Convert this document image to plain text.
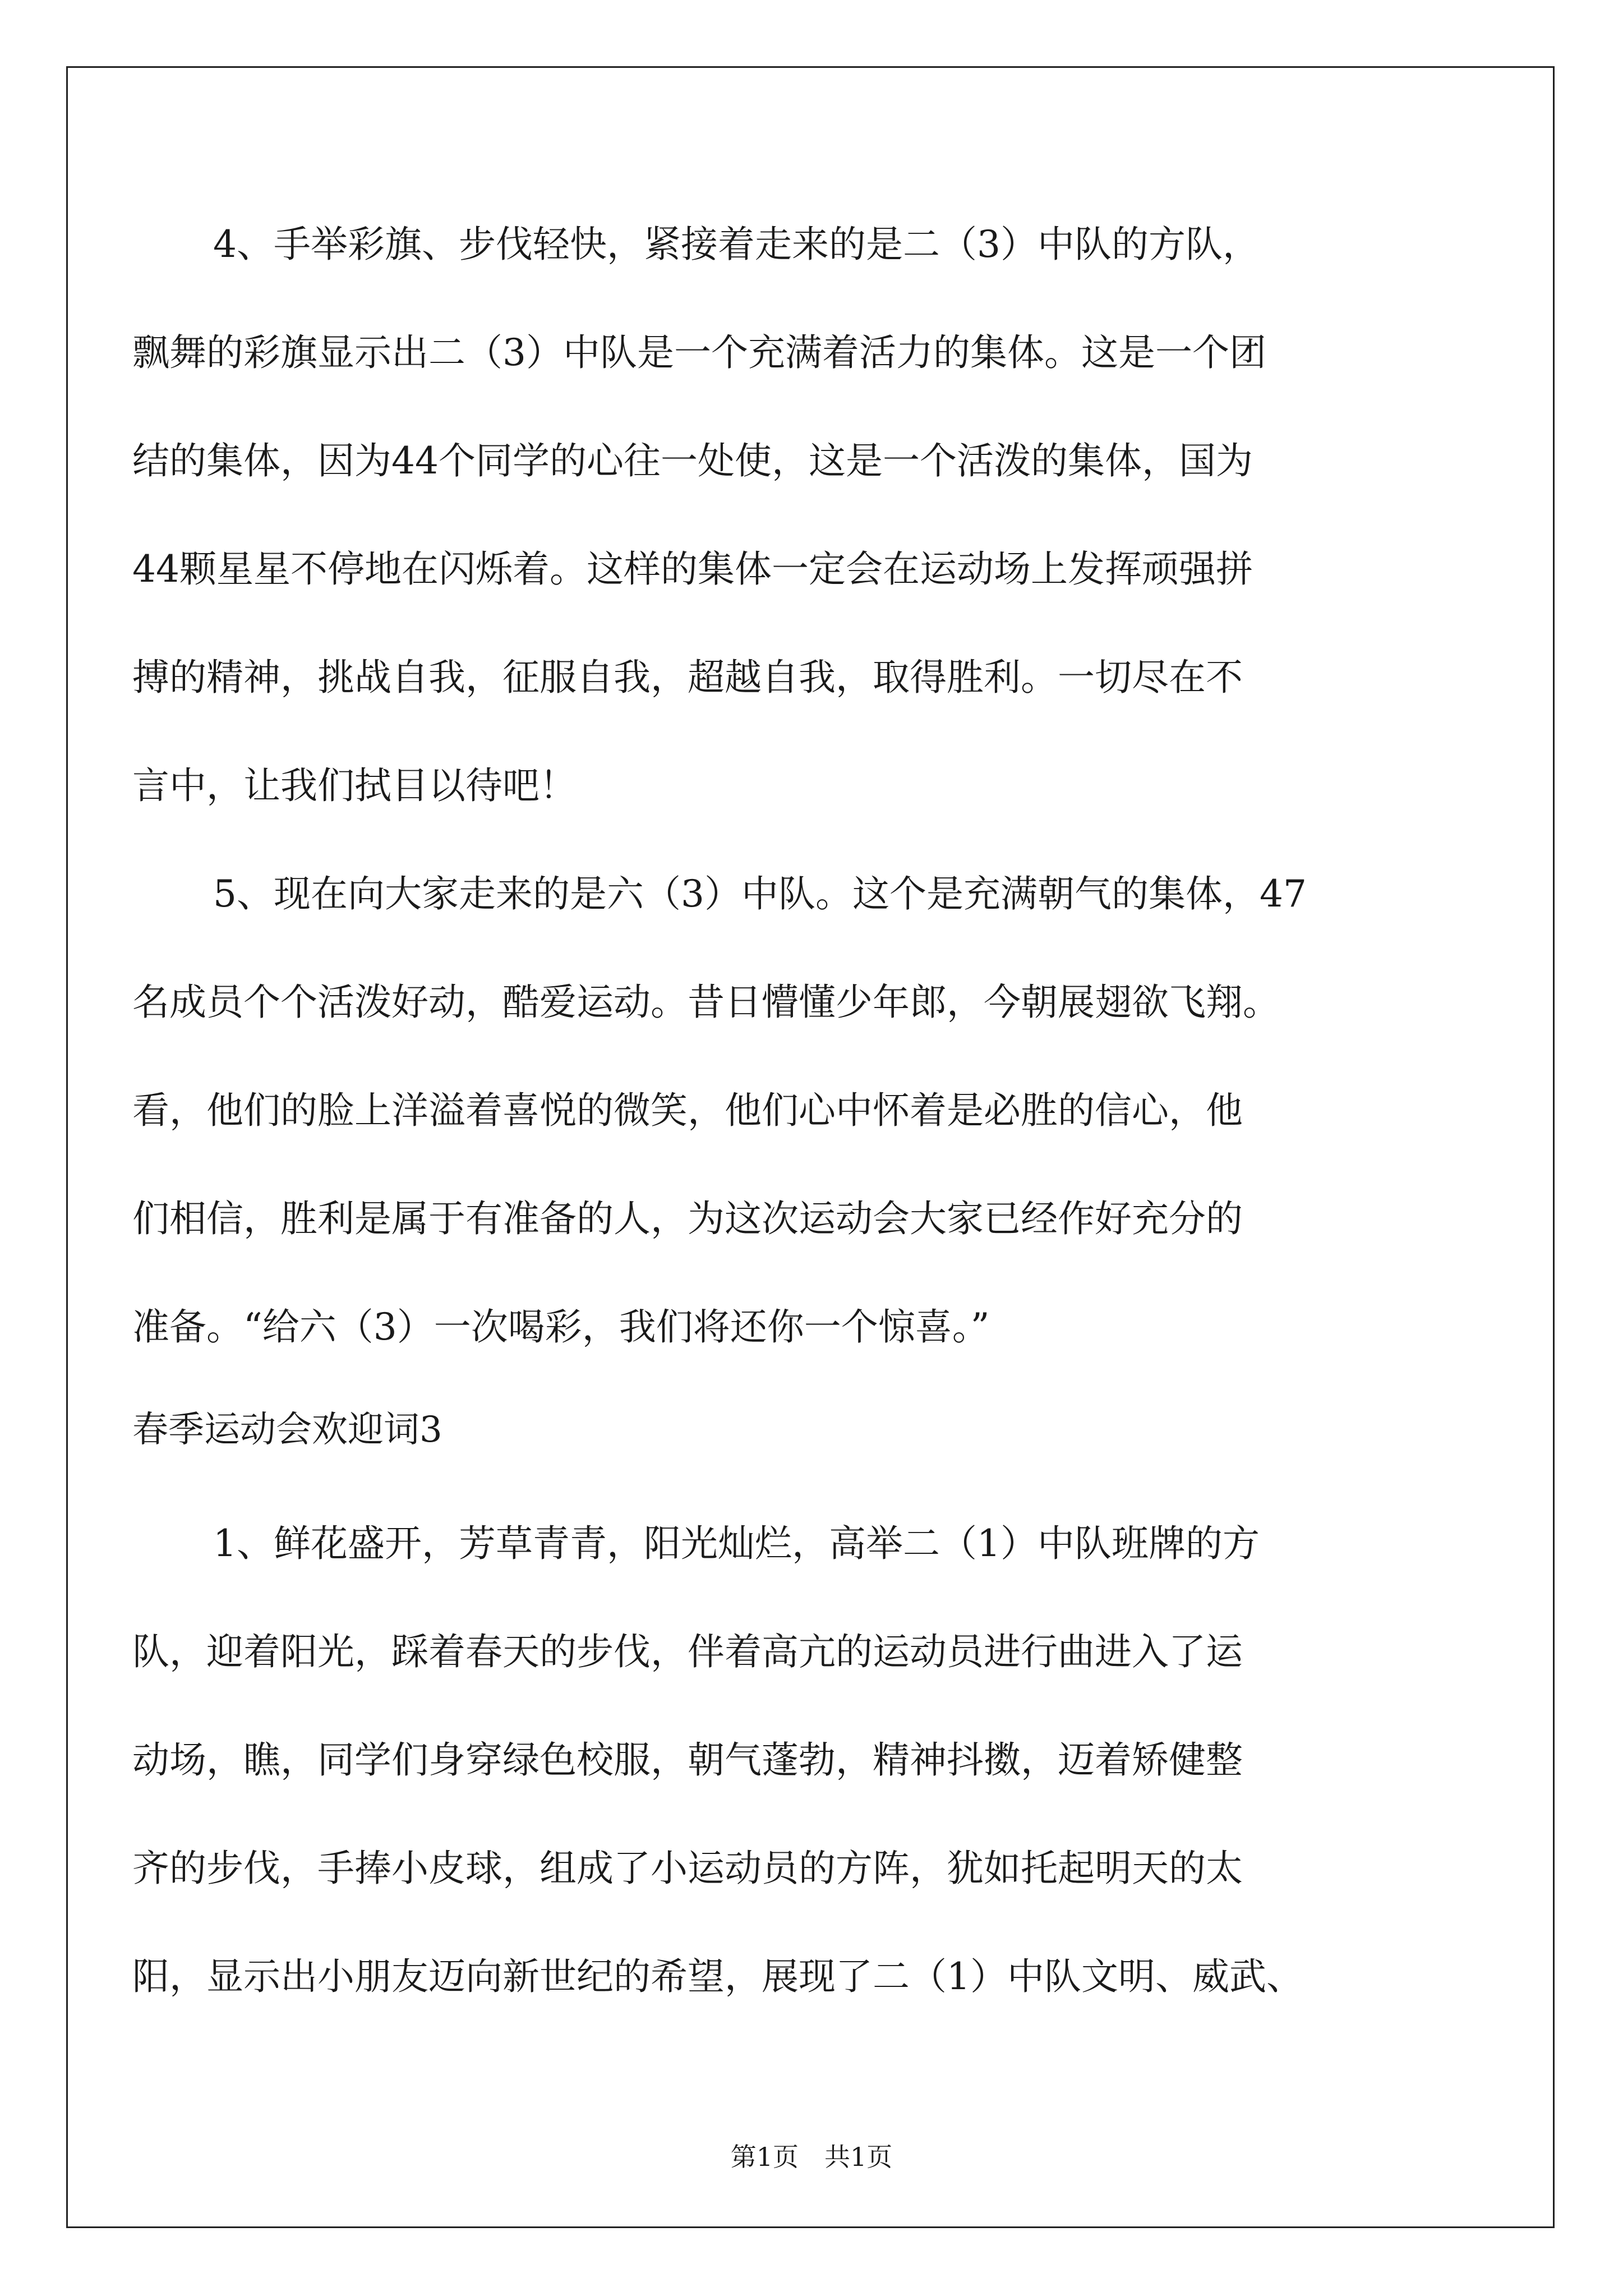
4、手举彩旗、步伐轻快，紧接着走来的是二（3）中队的方队，
飘舞的彩旗显示出二（3）中队是一个充满着活力的集体。这是一个团
结的集体，因为44个同学的心往一处使，这是一个活泼的集体，国为
44颗星星不停地在闪烁着。这样的集体一定会在运动场上发挥顽强拼
搏的精神，挑战自我，征服自我，超越自我，取得胜利。一切尽在不
言中，让我们拭目以待吧！
5、现在向大家走来的是六（3）中队。这个是充满朝气的集体，47
名成员个个活泼好动，酷爱运动。昔日懵懂少年郎，今朝展翅欲飞翔。
看，他们的脸上洋溢着喜悦的微笑，他们心中怀着是必胜的信心，他
们相信，胜利是属于有准备的人，为这次运动会大家已经作好充分的
准备。“给六（3）一次喝彩，我们将还你一个惊喜。”
春季运动会欢迎词3
1、鲜花盛开，芳草青青，阳光灿烂，高举二（1）中队班牌的方
队，迎着阳光，踩着春天的步伐，伴着高亢的运动员进行曲进入了运
动场，瞧，同学们身穿绿色校服，朝气蓬勃，精神抖擞，迈着矫健整
齐的步伐，手捧小皮球，组成了小运动员的方阵，犹如托起明天的太
阳，显示出小朋友迈向新世纪的希望，展现了二（1）中队文明、威武、
第1页　共1页
